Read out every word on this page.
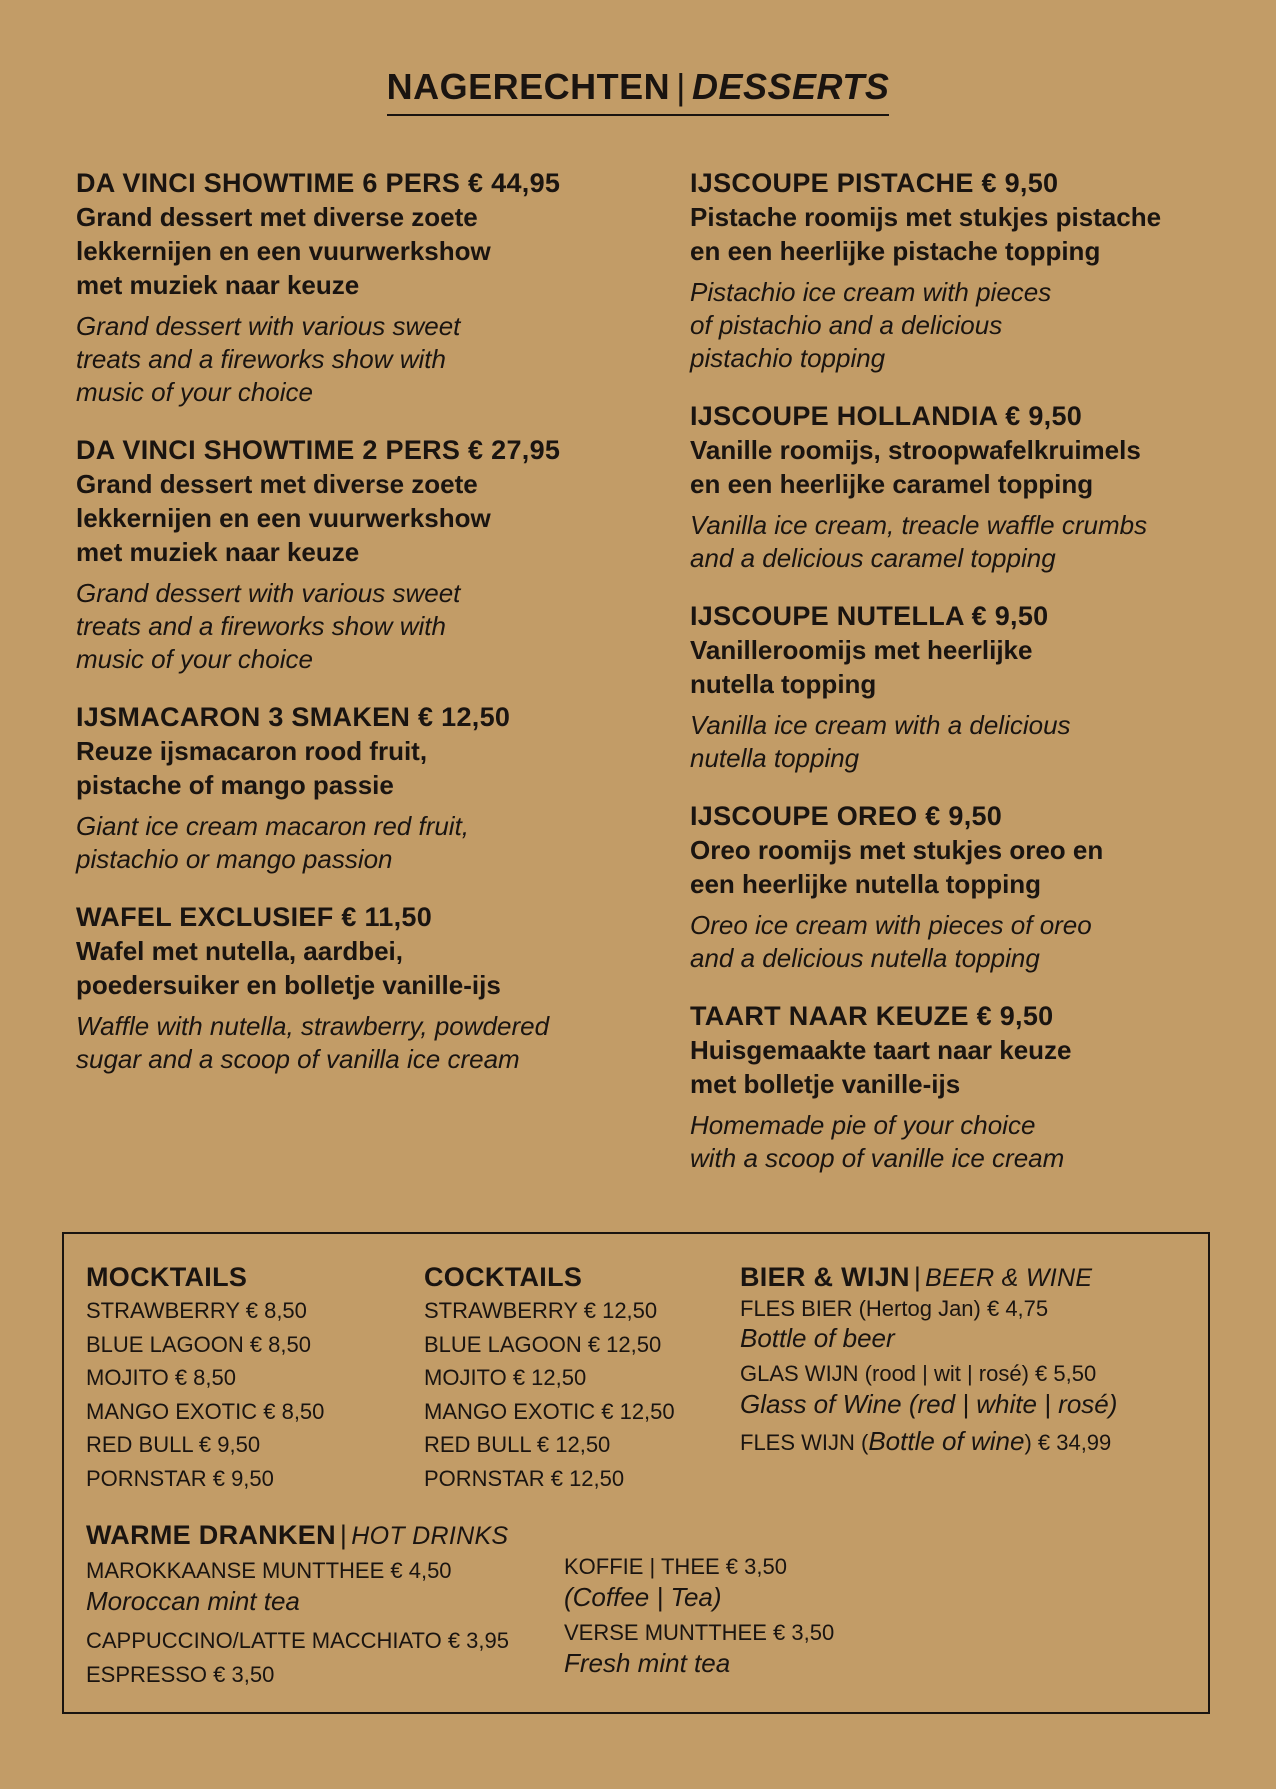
NAGERECHTEN | DESSERTS
DA VINCI SHOWTIME 6 PERS € 44,95
Grand dessert met diverse zoete
lekkernijen en een vuurwerkshow
met muziek naar keuze
Grand dessert with various sweet
treats and a fireworks show with
music of your choice
DA VINCI SHOWTIME 2 PERS € 27,95
Grand dessert met diverse zoete
lekkernijen en een vuurwerkshow
met muziek naar keuze
Grand dessert with various sweet
treats and a fireworks show with
music of your choice
IJSMACARON 3 SMAKEN € 12,50
Reuze ijsmacaron rood fruit,
pistache of mango passie
Giant ice cream macaron red fruit,
pistachio or mango passion
WAFEL EXCLUSIEF € 11,50
Wafel met nutella, aardbei,
poedersuiker en bolletje vanille-ijs
Waffle with nutella, strawberry, powdered
sugar and a scoop of vanilla ice cream
IJSCOUPE PISTACHE € 9,50
Pistache roomijs met stukjes pistache
en een heerlijke pistache topping
Pistachio ice cream with pieces
of pistachio and a delicious
pistachio topping
IJSCOUPE HOLLANDIA € 9,50
Vanille roomijs, stroopwafelkruimels
en een heerlijke caramel topping
Vanilla ice cream, treacle waffle crumbs
and a delicious caramel topping
IJSCOUPE NUTELLA € 9,50
Vanilleroomijs met heerlijke
nutella topping
Vanilla ice cream with a delicious
nutella topping
IJSCOUPE OREO € 9,50
Oreo roomijs met stukjes oreo en
een heerlijke nutella topping
Oreo ice cream with pieces of oreo
and a delicious nutella topping
TAART NAAR KEUZE € 9,50
Huisgemaakte taart naar keuze
met bolletje vanille-ijs
Homemade pie of your choice
with a scoop of vanille ice cream
MOCKTAILS
STRAWBERRY € 8,50
BLUE LAGOON € 8,50
MOJITO € 8,50
MANGO EXOTIC € 8,50
RED BULL € 9,50
PORNSTAR € 9,50
COCKTAILS
STRAWBERRY € 12,50
BLUE LAGOON € 12,50
MOJITO € 12,50
MANGO EXOTIC € 12,50
RED BULL € 12,50
PORNSTAR € 12,50
BIER & WIJN | BEER & WINE
FLES BIER (Hertog Jan) € 4,75
Bottle of beer
GLAS WIJN (rood | wit | rosé) € 5,50
Glass of Wine (red | white | rosé)
FLES WIJN (Bottle of wine) € 34,99
WARME DRANKEN | HOT DRINKS
MAROKKAANSE MUNTTHEE € 4,50
Moroccan mint tea
CAPPUCCINO/LATTE MACCHIATO € 3,95
ESPRESSO € 3,50
KOFFIE | THEE € 3,50
(Coffee | Tea)
VERSE MUNTTHEE € 3,50
Fresh mint tea
